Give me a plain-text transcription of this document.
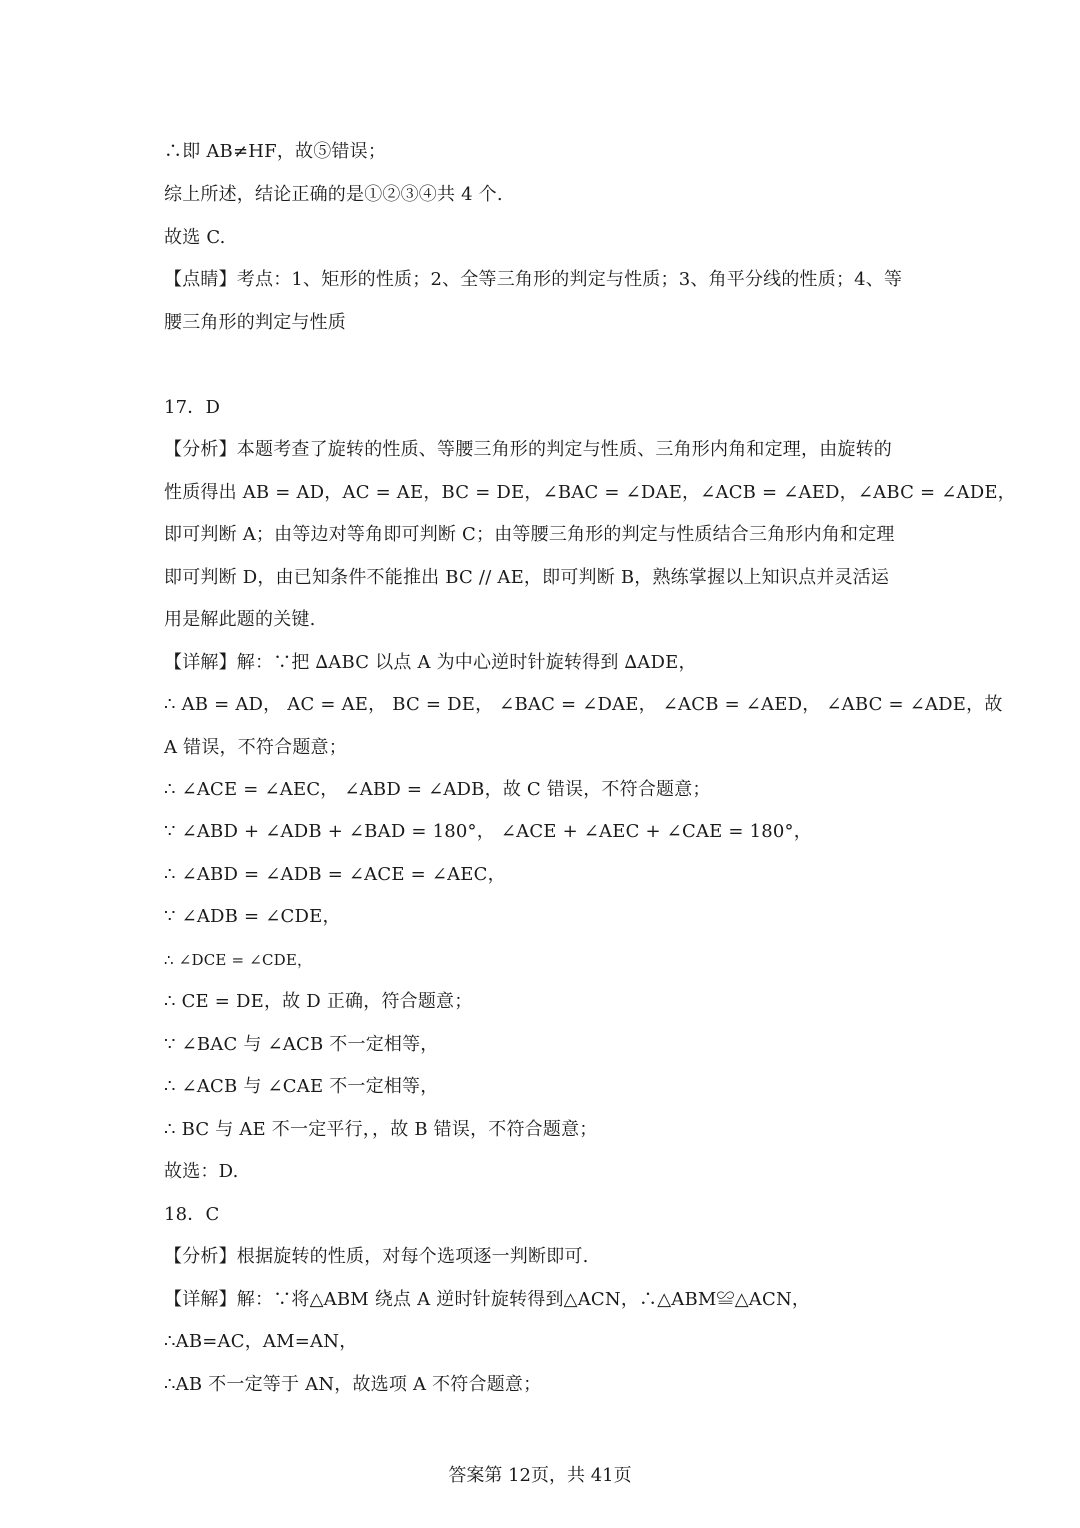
∴即 AB≠HF，故⑤错误；
综上所述，结论正确的是①②③④共 4 个.
故选 C.
【点睛】考点：1、矩形的性质；2、全等三角形的判定与性质；3、角平分线的性质；4、等
腰三角形的判定与性质
17．D
【分析】本题考查了旋转的性质、等腰三角形的判定与性质、三角形内角和定理，由旋转的
性质得出 AB = AD，AC = AE，BC = DE，∠BAC = ∠DAE，∠ACB = ∠AED，∠ABC = ∠ADE，
即可判断 A；由等边对等角即可判断 C；由等腰三角形的判定与性质结合三角形内角和定理
即可判断 D，由已知条件不能推出 BC // AE，即可判断 B，熟练掌握以上知识点并灵活运
用是解此题的关键.
【详解】解：∵把 ∆ABC 以点 A 为中心逆时针旋转得到 ∆ADE，
∴ AB = AD， AC = AE， BC = DE， ∠BAC = ∠DAE， ∠ACB = ∠AED， ∠ABC = ∠ADE，故
A 错误，不符合题意；
∴ ∠ACE = ∠AEC， ∠ABD = ∠ADB，故 C 错误，不符合题意；
∵ ∠ABD + ∠ADB + ∠BAD = 180°， ∠ACE + ∠AEC + ∠CAE = 180°，
∴ ∠ABD = ∠ADB = ∠ACE = ∠AEC，
∵ ∠ADB = ∠CDE，
∴ ∠DCE = ∠CDE，
∴ CE = DE，故 D 正确，符合题意；
∵ ∠BAC 与 ∠ACB 不一定相等，
∴ ∠ACB 与 ∠CAE 不一定相等，
∴ BC 与 AE 不一定平行，，故 B 错误，不符合题意；
故选：D.
18．C
【分析】根据旋转的性质，对每个选项逐一判断即可.
【详解】解：∵将△ABM 绕点 A 逆时针旋转得到△ACN，∴△ABM≌△ACN，
∴AB=AC，AM=AN，
∴AB 不一定等于 AN，故选项 A 不符合题意；
答案第 12页，共 41页
